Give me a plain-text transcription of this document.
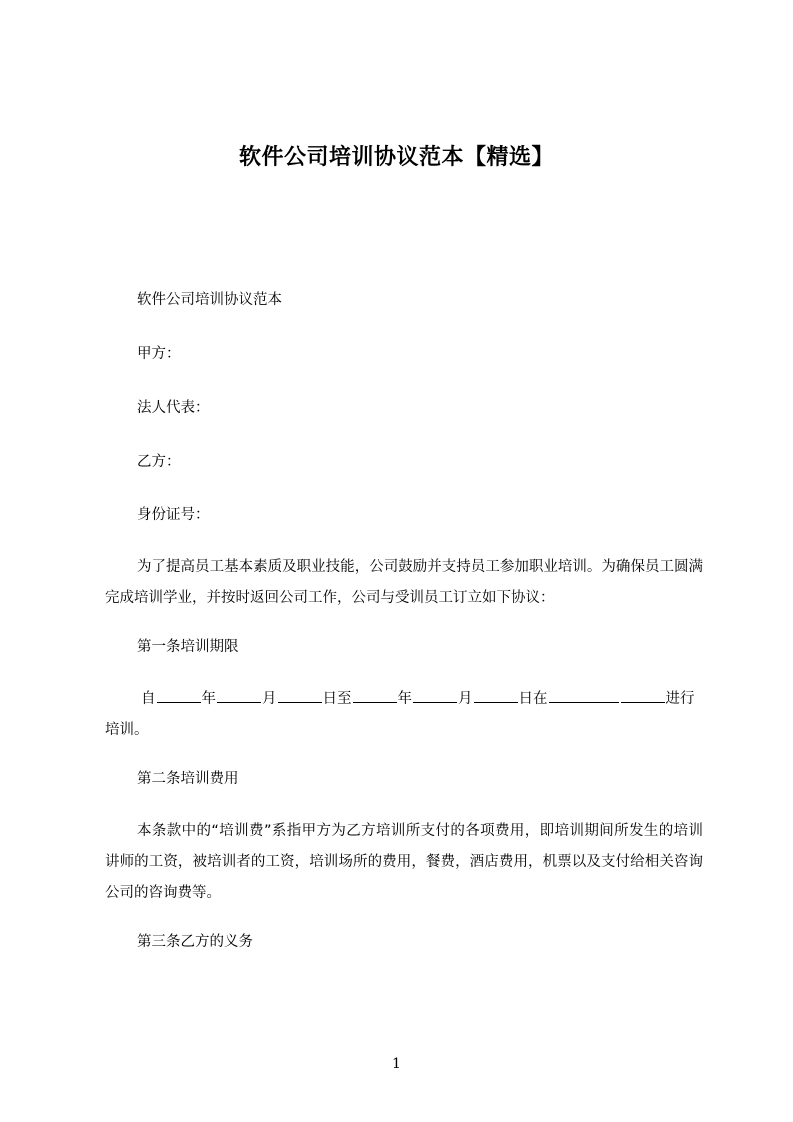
软件公司培训协议范本【精选】
软件公司培训协议范本
甲方：
法人代表：
乙方：
身份证号：
为了提高员工基本素质及职业技能，公司鼓励并支持员工参加职业培训。为确保员工圆满完成培训学业，并按时返回公司工作，公司与受训员工订立如下协议：
第一条培训期限
自	年	月	日至	年	月	日在	进行
培训。
第二条培训费用
本条款中的“培训费”系指甲方为乙方培训所支付的各项费用，即培训期间所发生的培训讲师的工资，被培训者的工资，培训场所的费用，餐费，酒店费用，机票以及支付给相关咨询公司的咨询费等。
第三条乙方的义务
1
